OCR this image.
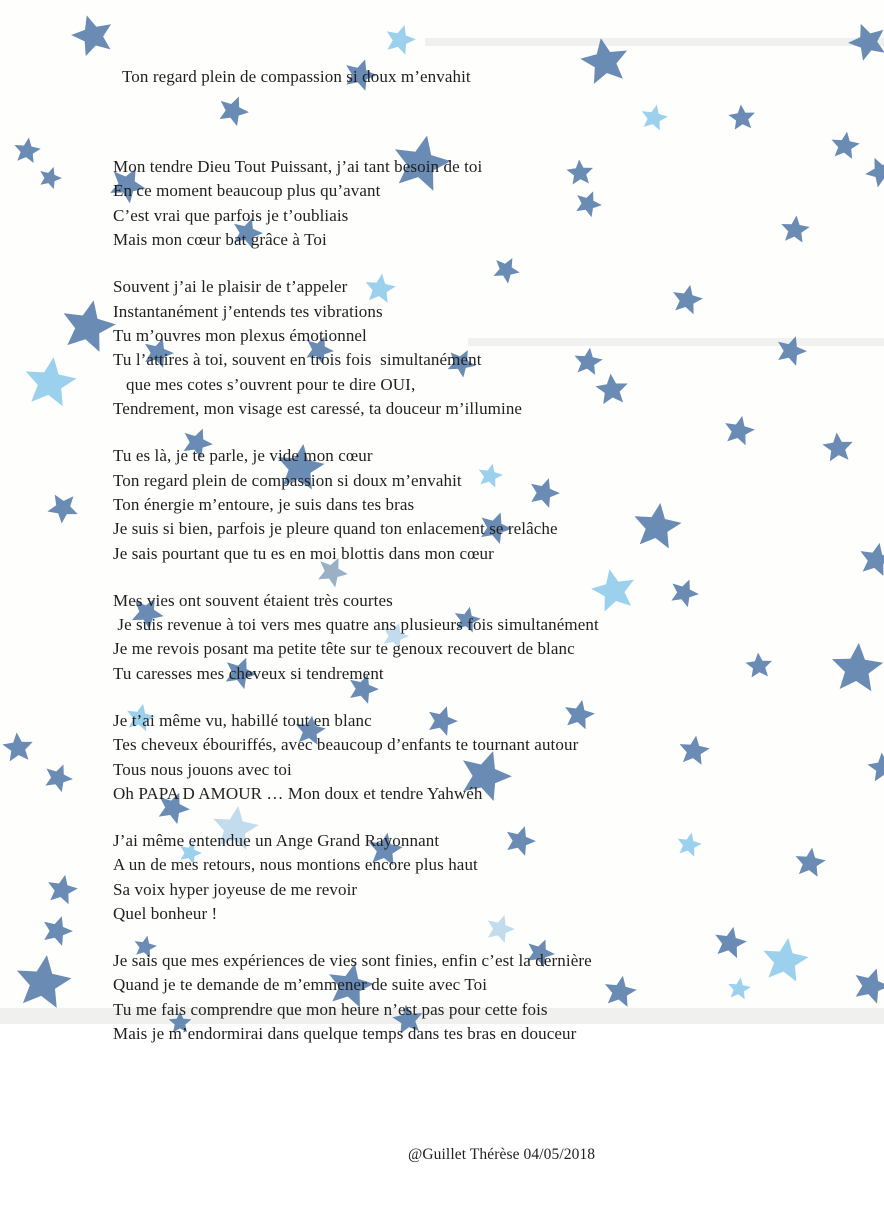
Ton regard plein de compassion si doux m’envahit

Mon tendre Dieu Tout Puissant, j’ai tant besoin de toi
En ce moment beaucoup plus qu’avant
C’est vrai que parfois je t’oubliais
Mais mon cœur bat grâce à Toi
Souvent j’ai le plaisir de t’appeler
Instantanément j’entends tes vibrations
Tu m’ouvres mon plexus émotionnel
Tu l’attires à toi, souvent en trois fois  simultanément
que mes cotes s’ouvrent pour te dire OUI,
Tendrement, mon visage est caressé, ta douceur m’illumine
Tu es là, je te parle, je vide mon cœur
Ton regard plein de compassion si doux m’envahit
Ton énergie m’entoure, je suis dans tes bras
Je suis si bien, parfois je pleure quand ton enlacement se relâche
Je sais pourtant que tu es en moi blottis dans mon cœur
Mes vies ont souvent étaient très courtes
Je suis revenue à toi vers mes quatre ans plusieurs fois simultanément
Je me revois posant ma petite tête sur te genoux recouvert de blanc
Tu caresses mes cheveux si tendrement
Je t’ai même vu, habillé tout en blanc
Tes cheveux ébouriffés, avec beaucoup d’enfants te tournant autour
Tous nous jouons avec toi
Oh PAPA D AMOUR … Mon doux et tendre Yahwéh
J’ai même entendue un Ange Grand Rayonnant
A un de mes retours, nous montions encore plus haut
Sa voix hyper joyeuse de me revoir
Quel bonheur !
Je sais que mes expériences de vies sont finies, enfin c’est la dernière
Quand je te demande de m’emmener de suite avec Toi
Tu me fais comprendre que mon heure n’est pas pour cette fois
Mais je m’endormirai dans quelque temps dans tes bras en douceur

@Guillet Thérèse 04/05/2018
